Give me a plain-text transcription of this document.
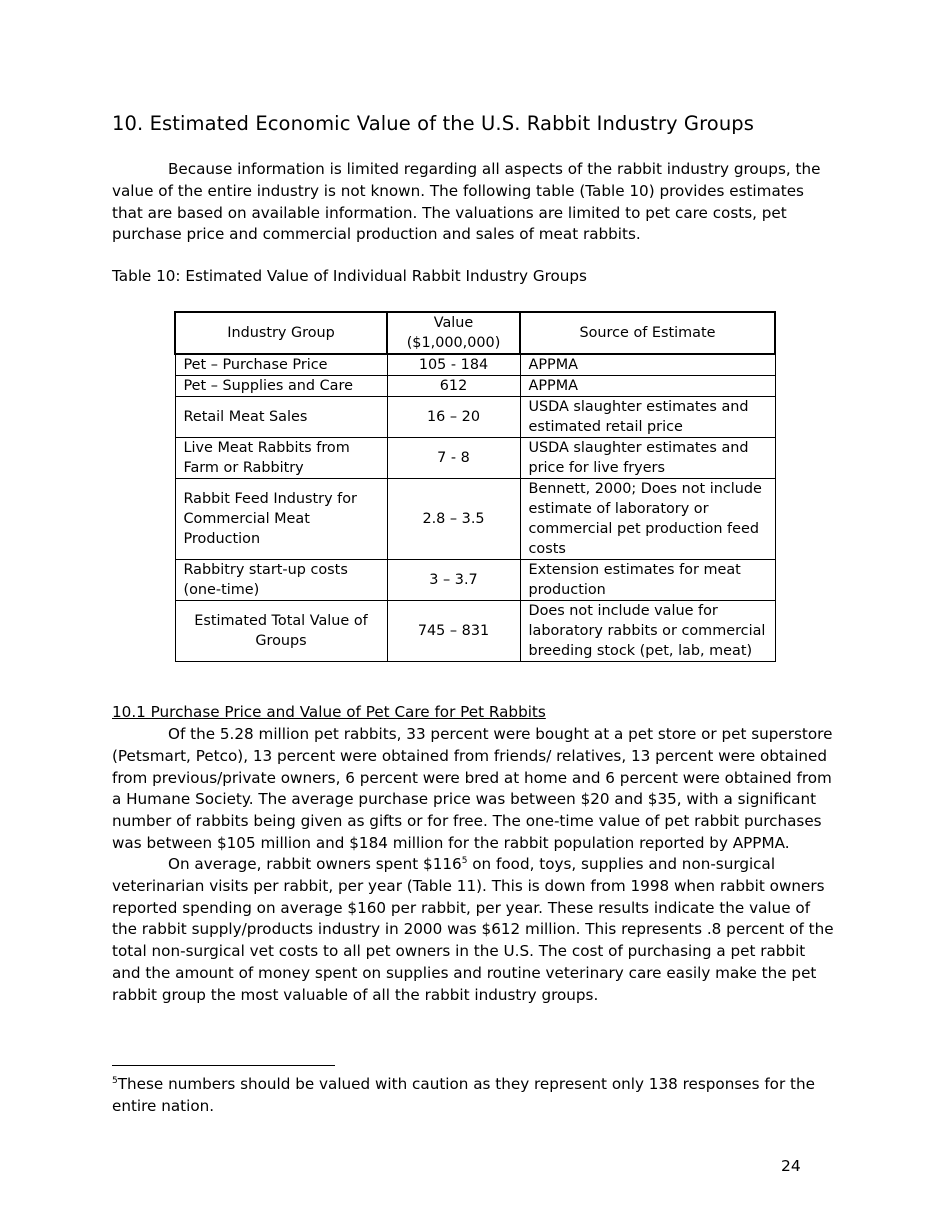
10. Estimated Economic Value of the U.S. Rabbit Industry Groups

Because information is limited regarding all aspects of the rabbit industry groups, the value of the entire industry is not known. The following table (Table 10) provides estimates that are based on available information. The valuations are limited to pet care costs, pet purchase price and commercial production and sales of meat rabbits.

Table 10: Estimated Value of Individual Rabbit Industry Groups
Industry Group	Value ($1,000,000)	Source of Estimate
Pet – Purchase Price	105 - 184	APPMA
Pet – Supplies and Care	612	APPMA
Retail Meat Sales	16 – 20	USDA slaughter estimates and estimated retail price
Live Meat Rabbits from Farm or Rabbitry	7 - 8	USDA slaughter estimates and price for live fryers
Rabbit Feed Industry for Commercial Meat Production	2.8 – 3.5	Bennett, 2000; Does not include estimate of laboratory or commercial pet production feed costs
Rabbitry start-up costs (one-time)	3 – 3.7	Extension estimates for meat production
Estimated Total Value of Groups	745 – 831	Does not include value for laboratory rabbits or commercial breeding stock (pet, lab, meat)
10.1 Purchase Price and Value of Pet Care for Pet Rabbits

Of the 5.28 million pet rabbits, 33 percent were bought at a pet store or pet superstore (Petsmart, Petco), 13 percent were obtained from friends/ relatives, 13 percent were obtained from previous/private owners, 6 percent were bred at home and 6 percent were obtained from a Humane Society. The average purchase price was between $20 and $35, with a significant number of rabbits being given as gifts or for free. The one-time value of pet rabbit purchases was between $105 million and $184 million for the rabbit population reported by APPMA.

On average, rabbit owners spent $\$116^5$ on food, toys, supplies and non-surgical veterinarian visits per rabbit, per year (Table 11). This is down from 1998 when rabbit owners reported spending on average $160 per rabbit, per year. These results indicate the value of the rabbit supply/products industry in 2000 was $612 million. This represents .8 percent of the total non-surgical vet costs to all pet owners in the U.S. The cost of purchasing a pet rabbit and the amount of money spent on supplies and routine veterinary care easily make the pet rabbit group the most valuable of all the rabbit industry groups.

$^5$These numbers should be valued with caution as they represent only 138 responses for the entire nation.

24
